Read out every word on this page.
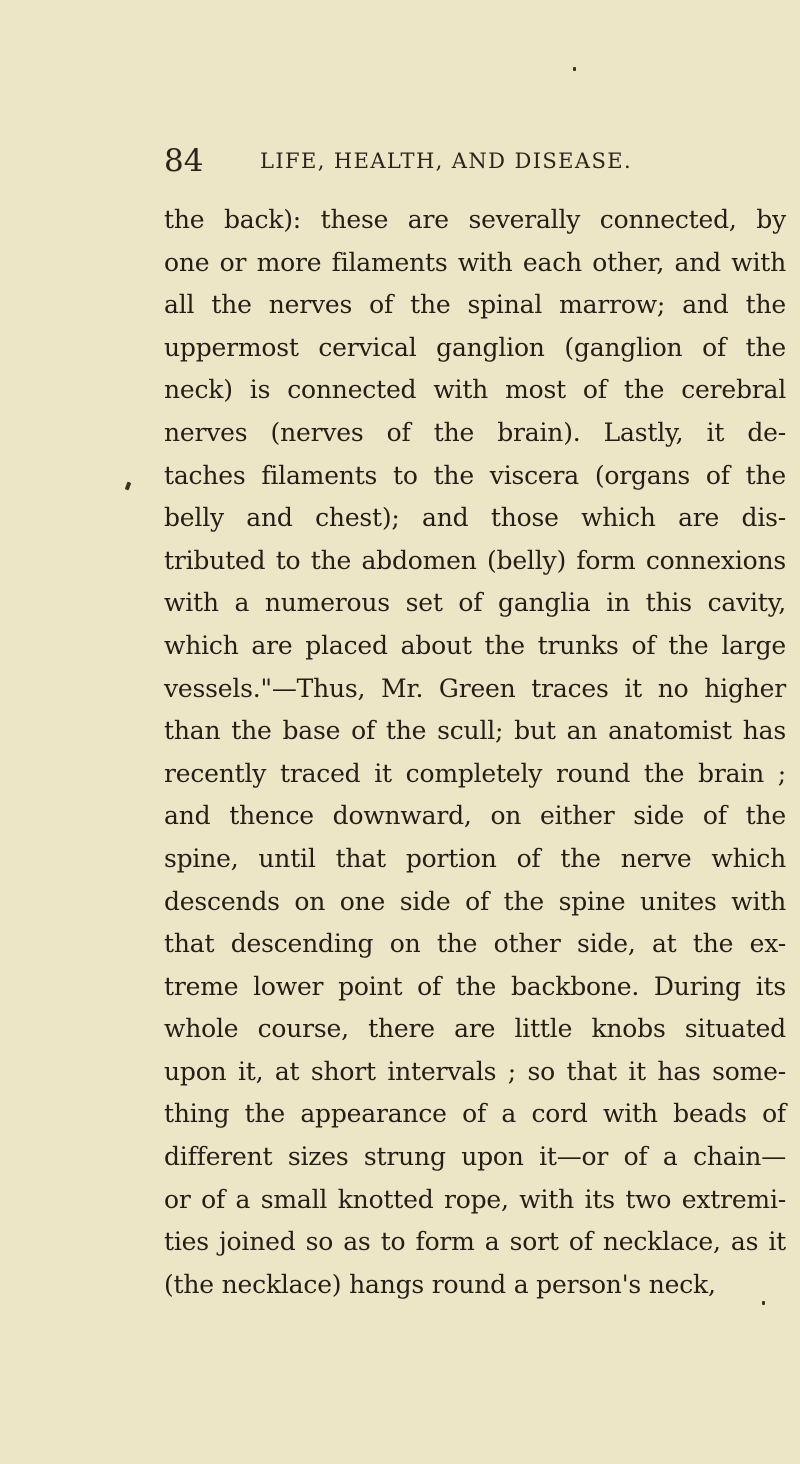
84	LIFE, HEALTH, AND DISEASE.
the back): these are severally connected, by
one or more filaments with each other, and with
all the nerves of the spinal marrow; and the
uppermost cervical ganglion (ganglion of the
neck) is connected with most of the cerebral
nerves (nerves of the brain). Lastly, it de-
taches filaments to the viscera (organs of the
belly and chest); and those which are dis-
tributed to the abdomen (belly) form connexions
with a numerous set of ganglia in this cavity,
which are placed about the trunks of the large
vessels."—Thus, Mr. Green traces it no higher
than the base of the scull; but an anatomist has
recently traced it completely round the brain ;
and thence downward, on either side of the
spine, until that portion of the nerve which
descends on one side of the spine unites with
that descending on the other side, at the ex-
treme lower point of the backbone. During its
whole course, there are little knobs situated
upon it, at short intervals ; so that it has some-
thing the appearance of a cord with beads of
different sizes strung upon it—or of a chain—
or of a small knotted rope, with its two extremi-
ties joined so as to form a sort of necklace, as it
(the necklace) hangs round a person's neck,
